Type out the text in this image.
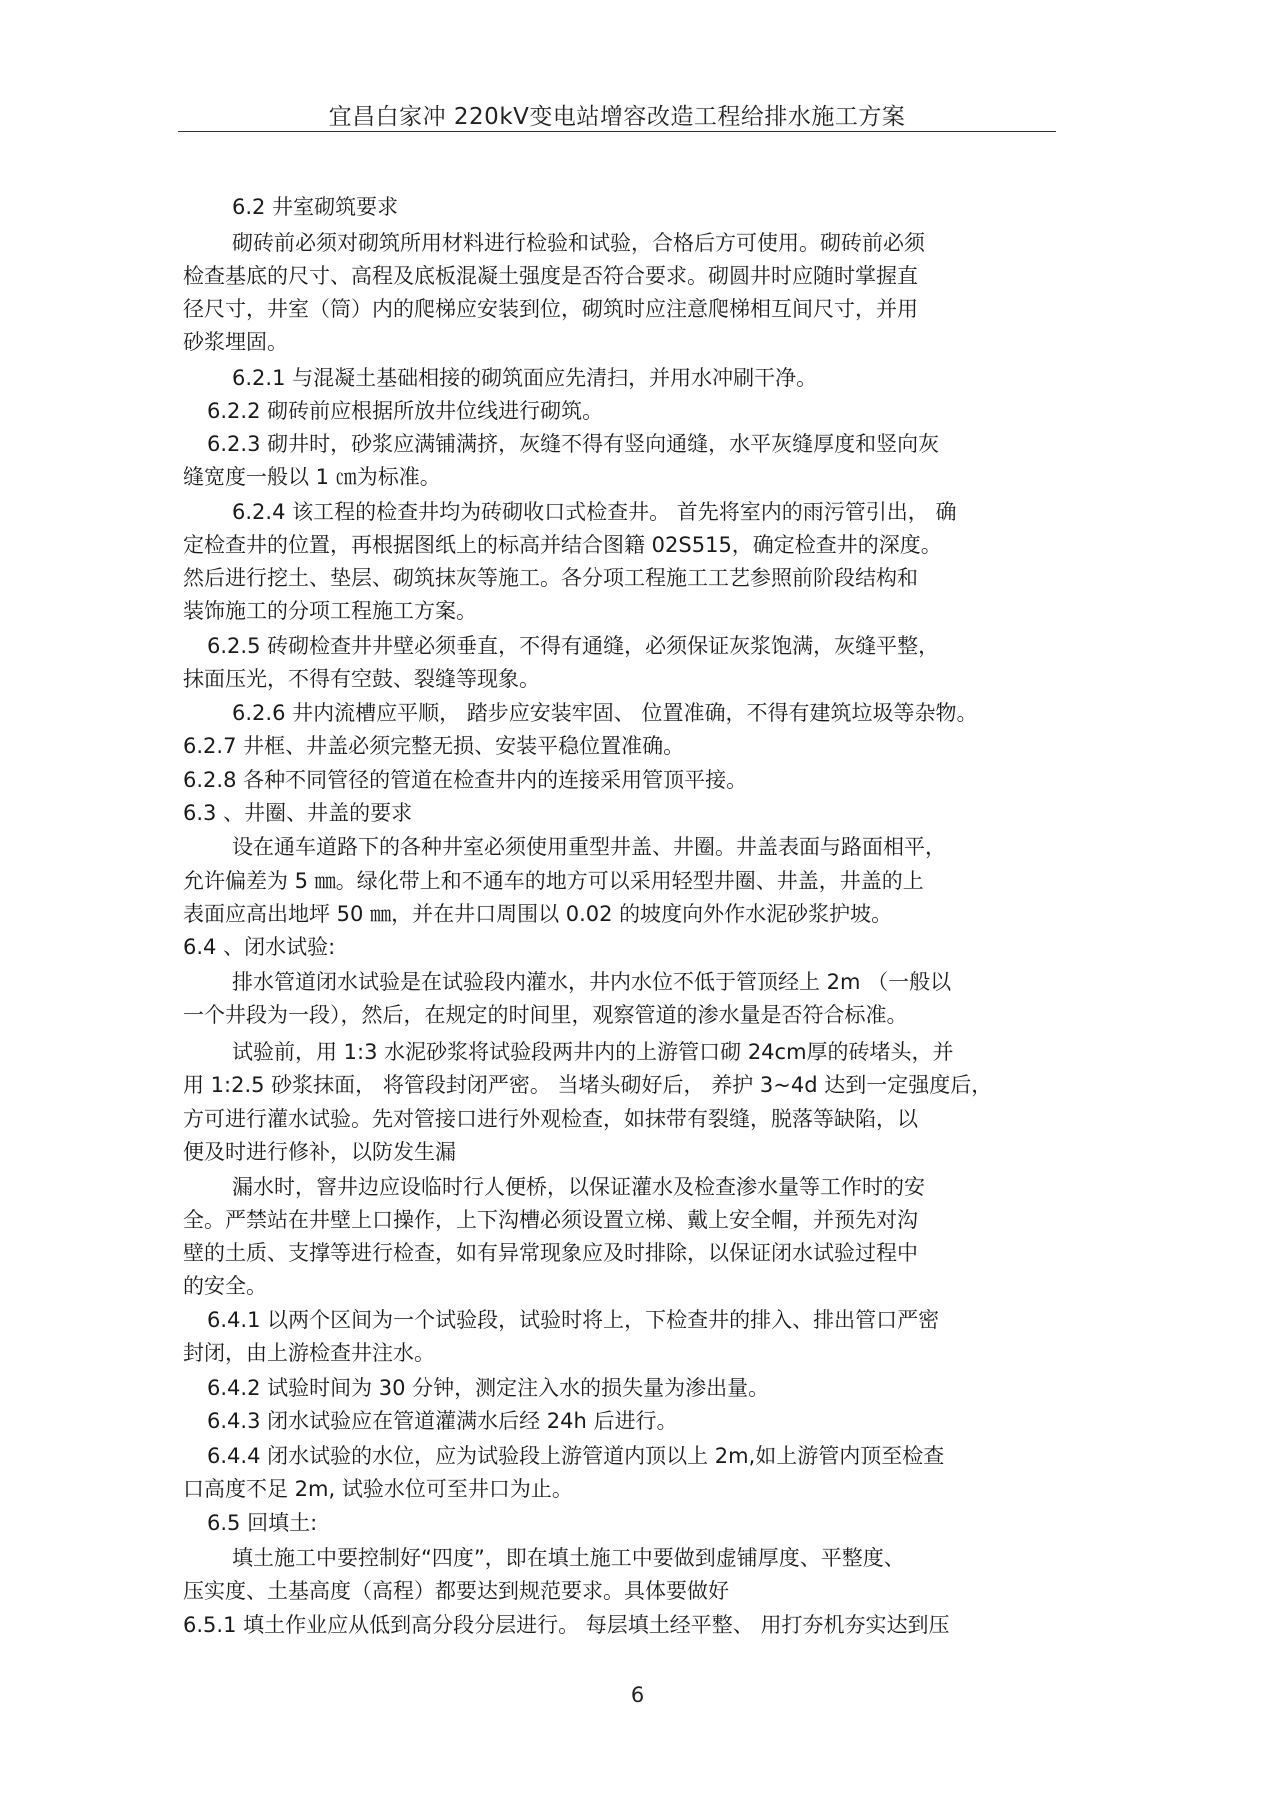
宜昌白家冲 220kV变电站增容改造工程给排水施工方案
6.2 井室砌筑要求
砌砖前必须对砌筑所用材料进行检验和试验，合格后方可使用。砌砖前必须
检查基底的尺寸、高程及底板混凝土强度是否符合要求。砌圆井时应随时掌握直
径尺寸，井室（筒）内的爬梯应安装到位，砌筑时应注意爬梯相互间尺寸，并用
砂浆埋固。
6.2.1 与混凝土基础相接的砌筑面应先清扫，并用水冲刷干净。
6.2.2 砌砖前应根据所放井位线进行砌筑。
6.2.3 砌井时，砂浆应满铺满挤，灰缝不得有竖向通缝，水平灰缝厚度和竖向灰
缝宽度一般以 1 ㎝为标准。
6.2.4 该工程的检查井均为砖砌收口式检查井。 首先将室内的雨污管引出， 确
定检查井的位置，再根据图纸上的标高并结合图籍 02S515，确定检查井的深度。
然后进行挖土、垫层、砌筑抹灰等施工。各分项工程施工工艺参照前阶段结构和
装饰施工的分项工程施工方案。
6.2.5 砖砌检查井井壁必须垂直，不得有通缝，必须保证灰浆饱满，灰缝平整，
抹面压光，不得有空鼓、裂缝等现象。
6.2.6 井内流槽应平顺， 踏步应安装牢固、 位置准确，不得有建筑垃圾等杂物。
6.2.7 井框、井盖必须完整无损、安装平稳位置准确。
6.2.8 各种不同管径的管道在检查井内的连接采用管顶平接。
6.3 、井圈、井盖的要求
设在通车道路下的各种井室必须使用重型井盖、井圈。井盖表面与路面相平，
允许偏差为 5 ㎜。绿化带上和不通车的地方可以采用轻型井圈、井盖，井盖的上
表面应高出地坪 50 ㎜，并在井口周围以 0.02 的坡度向外作水泥砂浆护坡。
6.4 、闭水试验:
排水管道闭水试验是在试验段内灌水，井内水位不低于管顶经上 2m （一般以
一个井段为一段），然后，在规定的时间里，观察管道的渗水量是否符合标准。
试验前，用 1:3 水泥砂浆将试验段两井内的上游管口砌 24cm厚的砖堵头，并
用 1:2.5 砂浆抹面， 将管段封闭严密。 当堵头砌好后， 养护 3~4d 达到一定强度后，
方可进行灌水试验。先对管接口进行外观检查，如抹带有裂缝，脱落等缺陷，以
便及时进行修补，以防发生漏
漏水时，窨井边应设临时行人便桥，以保证灌水及检查渗水量等工作时的安
全。严禁站在井壁上口操作，上下沟槽必须设置立梯、戴上安全帽，并预先对沟
壁的土质、支撑等进行检查，如有异常现象应及时排除，以保证闭水试验过程中
的安全。
6.4.1 以两个区间为一个试验段，试验时将上，下检查井的排入、排出管口严密
封闭，由上游检查井注水。
6.4.2 试验时间为 30 分钟，测定注入水的损失量为渗出量。
6.4.3 闭水试验应在管道灌满水后经 24h 后进行。
6.4.4 闭水试验的水位，应为试验段上游管道内顶以上 2m,如上游管内顶至检查
口高度不足 2m, 试验水位可至井口为止。
6.5 回填土:
填土施工中要控制好“四度”，即在填土施工中要做到虚铺厚度、平整度、
压实度、土基高度（高程）都要达到规范要求。具体要做好
6.5.1 填土作业应从低到高分段分层进行。 每层填土经平整、 用打夯机夯实达到压
6
